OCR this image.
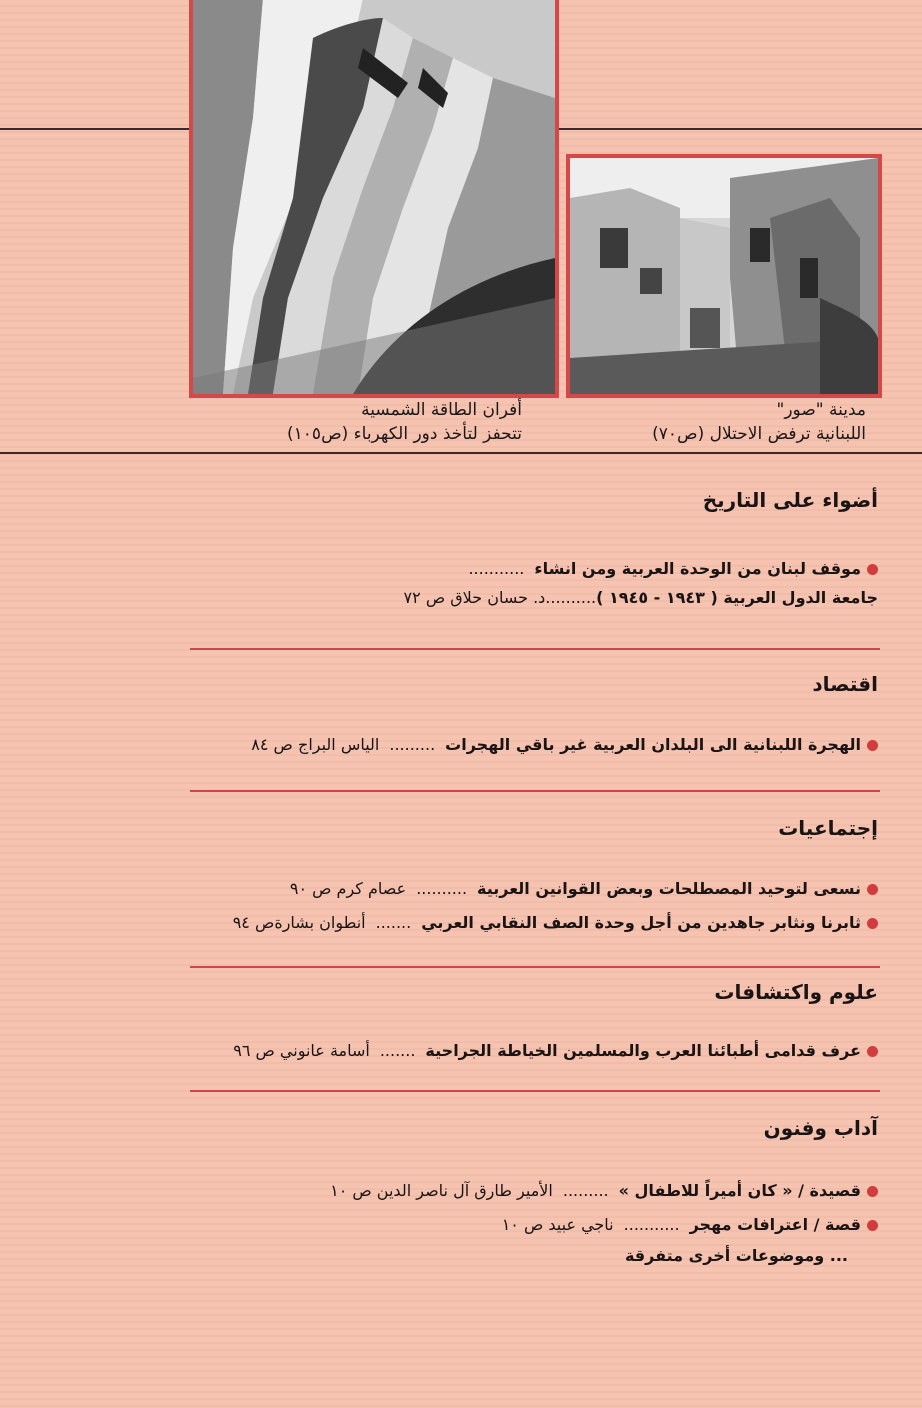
أفران الطاقة الشمسية
تتحفز لتأخذ دور الكهرباء (ص١٠٥)
مدينة "صور"
اللبنانية ترفض الاحتلال (ص٧٠)
أضواء على التاريخ
موقف لبنان من الوحدة العربية ومن انشاء...........
جامعة الدول العربية ( ١٩٤٣ - ١٩٤٥ )..........د. حسان حلاق ص ٧٢
اقتصاد
الهجرة اللبنانية الى البلدان العربية غير باقي الهجرات.........الياس البراج ص ٨٤
إجتماعيات
نسعى لتوحيد المصطلحات وبعض القوانين العربية..........عصام كرم ص ٩٠
ثابرنا ونثابر جاهدين من أجل وحدة الصف النقابي العربي.......أنطوان بشارةص ٩٤
علوم واكتشافات
عرف قدامى أطبائنا العرب والمسلمين الخياطة الجراحية.......أسامة عانوني ص ٩٦
آداب وفنون
قصيدة / « كان أميراً للاطفال ».........الأمير طارق آل ناصر الدين ص ١٠
قصة / اعترافات مهجر...........ناجي عبيد ص ١٠
... وموضوعات أخرى متفرقة
